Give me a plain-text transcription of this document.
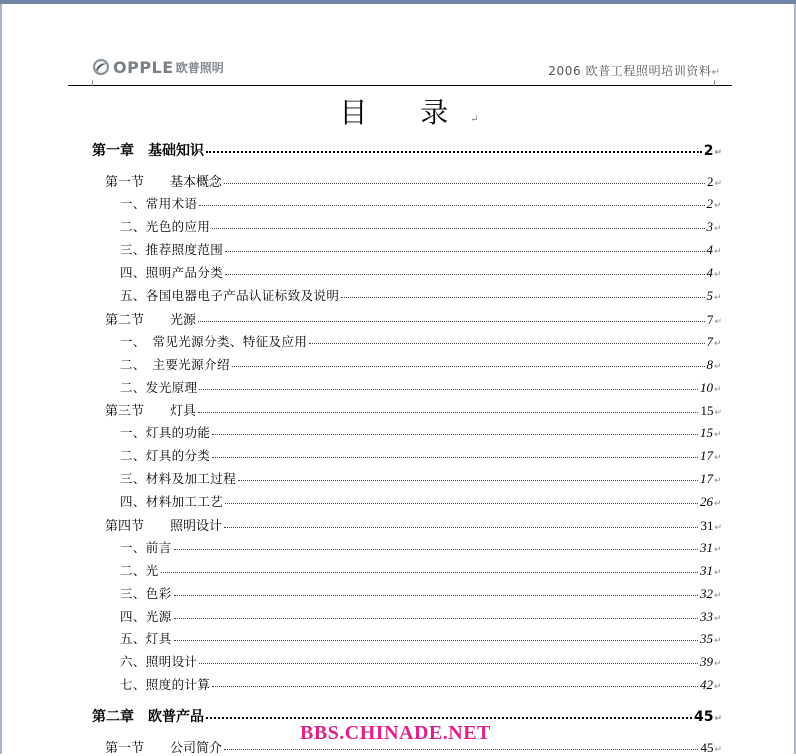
OPPLE 欧普照明	2006 欧普工程照明培训资料↵
目 录↵
第一章　基础知识	2 ↵
第一节　　基本概念	2 ↵
一、常用术语	2 ↵
二、光色的应用	3 ↵
三、推荐照度范围	4 ↵
四、照明产品分类	4 ↵
五、各国电器电子产品认证标致及说明	5 ↵
第二节　　光源	7 ↵
一、　常见光源分类、特征及应用	7 ↵
二、　主要光源介绍	8 ↵
二、发光原理	10 ↵
第三节　　灯具	15 ↵
一、灯具的功能	15 ↵
二、灯具的分类	17 ↵
三、材料及加工过程	17 ↵
四、材料加工工艺	26 ↵
第四节　　照明设计	31 ↵
一、前言	31 ↵
二、光	31 ↵
三、色彩	32 ↵
四、光源	33 ↵
五、灯具	35 ↵
六、照明设计	39 ↵
七、照度的计算	42 ↵
第二章　欧普产品	45 ↵
第一节　　公司简介	45 ↵
BBS.CHINADE.NET
